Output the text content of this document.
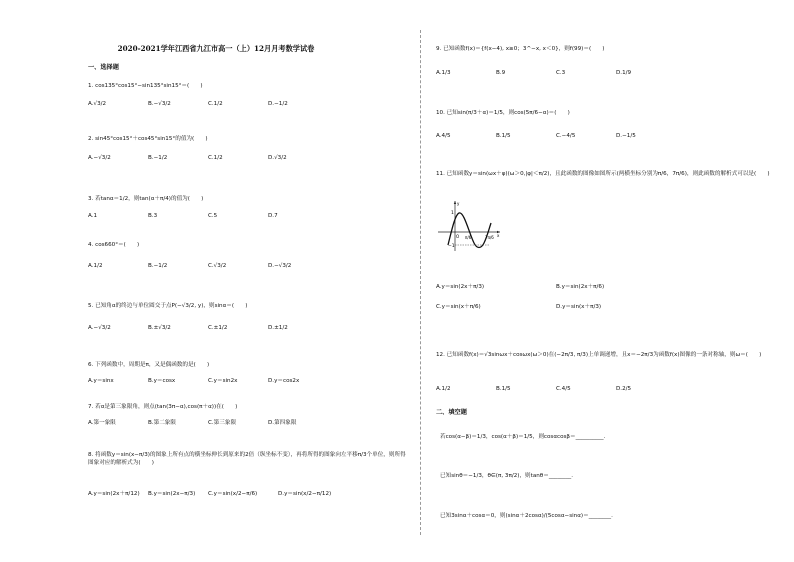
2020-2021学年江西省九江市高一（上）12月月考数学试卷
一、选择题
1. cos135°cos15°−sin135°sin15°＝(　　)
A.√3/2	B.−√3/2	C.1/2	D.−1/2
2. sin45°cos15°＋cos45°sin15°的值为(　　)
A.−√3/2	B.−1/2	C.1/2	D.√3/2
3. 若tanα＝1/2，则tan(α＋π/4)的值为(　　)
A.1	B.3	C.5	D.7
4. cos660°＝(　　)
A.1/2	B.−1/2	C.√3/2	D.−√3/2
5. 已知角α的终边与单位圆交于点P(−√3/2, y)，则sinα＝(　　)
A.−√3/2	B.±√3/2	C.±1/2	D.±1/2
6. 下列函数中，周期是π，又是偶函数的是(　　)
A.y＝sinx	B.y＝cosx	C.y＝sin2x	D.y＝cos2x
7. 若α是第三象限角，则点(tan(3π−α),cos(π＋α))在(　　)
A.第一象限	B.第二象限	C.第三象限	D.第四象限
8. 将函数y＝sin(x−π/3)的图象上所有点的横坐标伸长到原来的2倍（纵坐标不变），再将所得的图象向左平移π/3个单位，则所得图象对应的解析式为(　　)
A.y＝sin(2x＋π/12) B.y＝sin(2x−π/3) C.y＝sin(x/2−π/6)	D.y＝sin(x/2−π/12)
9. 已知函数f(x)＝{f(x−4), x≥0；3^−x, x＜0}，则f(99)＝(　　)
A.1/3	B.9	C.3	D.1/9
10. 已知sin(π/3＋α)＝1/5，则cos(5π/6−α)＝(　　)
A.4/5	B.1/5	C.−4/5	D.−1/5
11. 已知函数y＝sin(ωx＋φ)(ω＞0,|φ|＜π/2)，且此函数的图像如图所示(两横坐标分别为π/6，7π/6)，则此函数的解析式可以是(　　)
1
−1
O π/6	7π/6 x
y
A.y＝sin(2x＋π/3)	B.y＝sin(2x＋π/6)
C.y＝sin(x＋π/6)	D.y＝sin(x＋π/3)
12. 已知函数f(x)＝√3sinωx＋cosωx(ω＞0)在(−2π/3, π/3)上单调递增，且x＝−2π/3为函数f(x)图像的一条对称轴，则ω＝(　　)
A.1/2	B.1/5	C.4/5	D.2/5
二、填空题
若cos(α−β)＝1/3，cos(α＋β)＝1/5，则cosαcosβ＝__________.
已知sinθ＝−1/3，θ∈(π, 3π/2)，则tanθ＝________.
已知3sinα＋cosα＝0，则(sinα＋2cosα)/(5cosα−sinα)＝________.
